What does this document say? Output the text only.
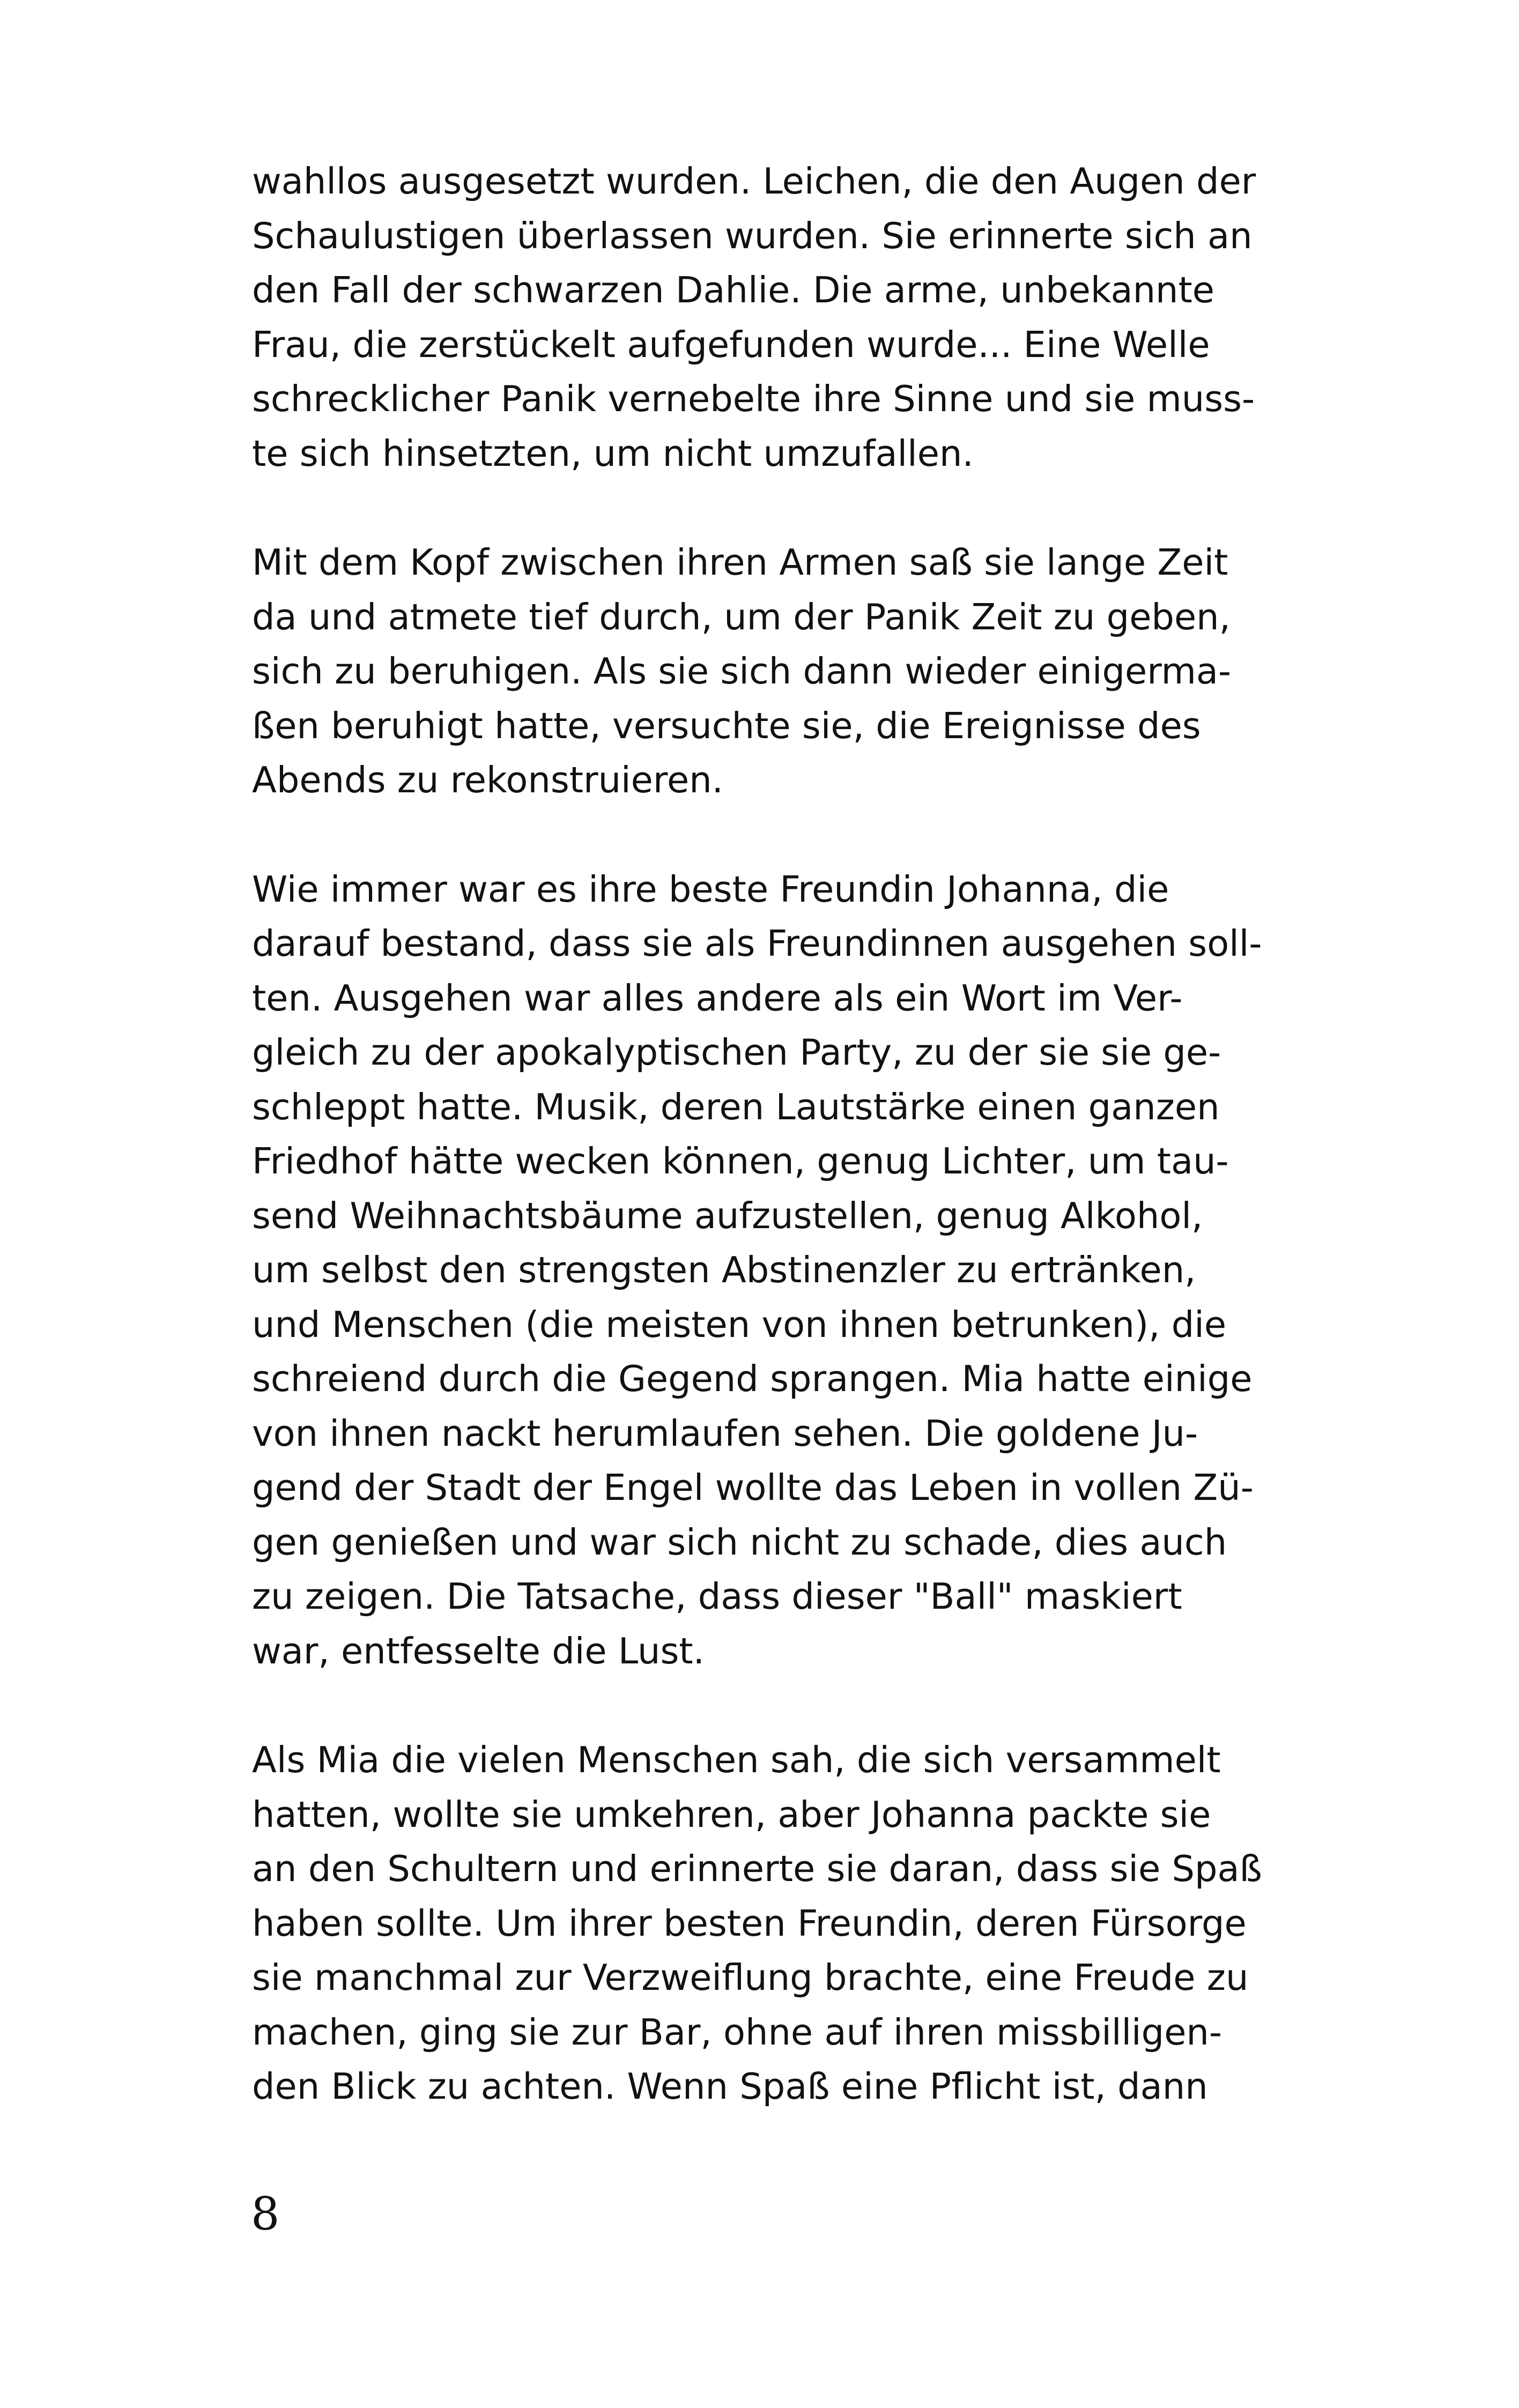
wahllos ausgesetzt wurden. Leichen, die den Augen der
Schaulustigen überlassen wurden. Sie erinnerte sich an
den Fall der schwarzen Dahlie. Die arme, unbekannte
Frau, die zerstückelt aufgefunden wurde... Eine Welle
schrecklicher Panik vernebelte ihre Sinne und sie muss-
te sich hinsetzten, um nicht umzufallen.

Mit dem Kopf zwischen ihren Armen saß sie lange Zeit
da und atmete tief durch, um der Panik Zeit zu geben,
sich zu beruhigen. Als sie sich dann wieder einigerma-
ßen beruhigt hatte, versuchte sie, die Ereignisse des
Abends zu rekonstruieren.

Wie immer war es ihre beste Freundin Johanna, die
darauf bestand, dass sie als Freundinnen ausgehen soll-
ten. Ausgehen war alles andere als ein Wort im Ver-
gleich zu der apokalyptischen Party, zu der sie sie ge-
schleppt hatte. Musik, deren Lautstärke einen ganzen
Friedhof hätte wecken können, genug Lichter, um tau-
send Weihnachtsbäume aufzustellen, genug Alkohol,
um selbst den strengsten Abstinenzler zu ertränken,
und Menschen (die meisten von ihnen betrunken), die
schreiend durch die Gegend sprangen. Mia hatte einige
von ihnen nackt herumlaufen sehen. Die goldene Ju-
gend der Stadt der Engel wollte das Leben in vollen Zü-
gen genießen und war sich nicht zu schade, dies auch
zu zeigen. Die Tatsache, dass dieser "Ball" maskiert
war, entfesselte die Lust.

Als Mia die vielen Menschen sah, die sich versammelt
hatten, wollte sie umkehren, aber Johanna packte sie
an den Schultern und erinnerte sie daran, dass sie Spaß
haben sollte. Um ihrer besten Freundin, deren Fürsorge
sie manchmal zur Verzweiflung brachte, eine Freude zu
machen, ging sie zur Bar, ohne auf ihren missbilligen-
den Blick zu achten. Wenn Spaß eine Pflicht ist, dann

8
